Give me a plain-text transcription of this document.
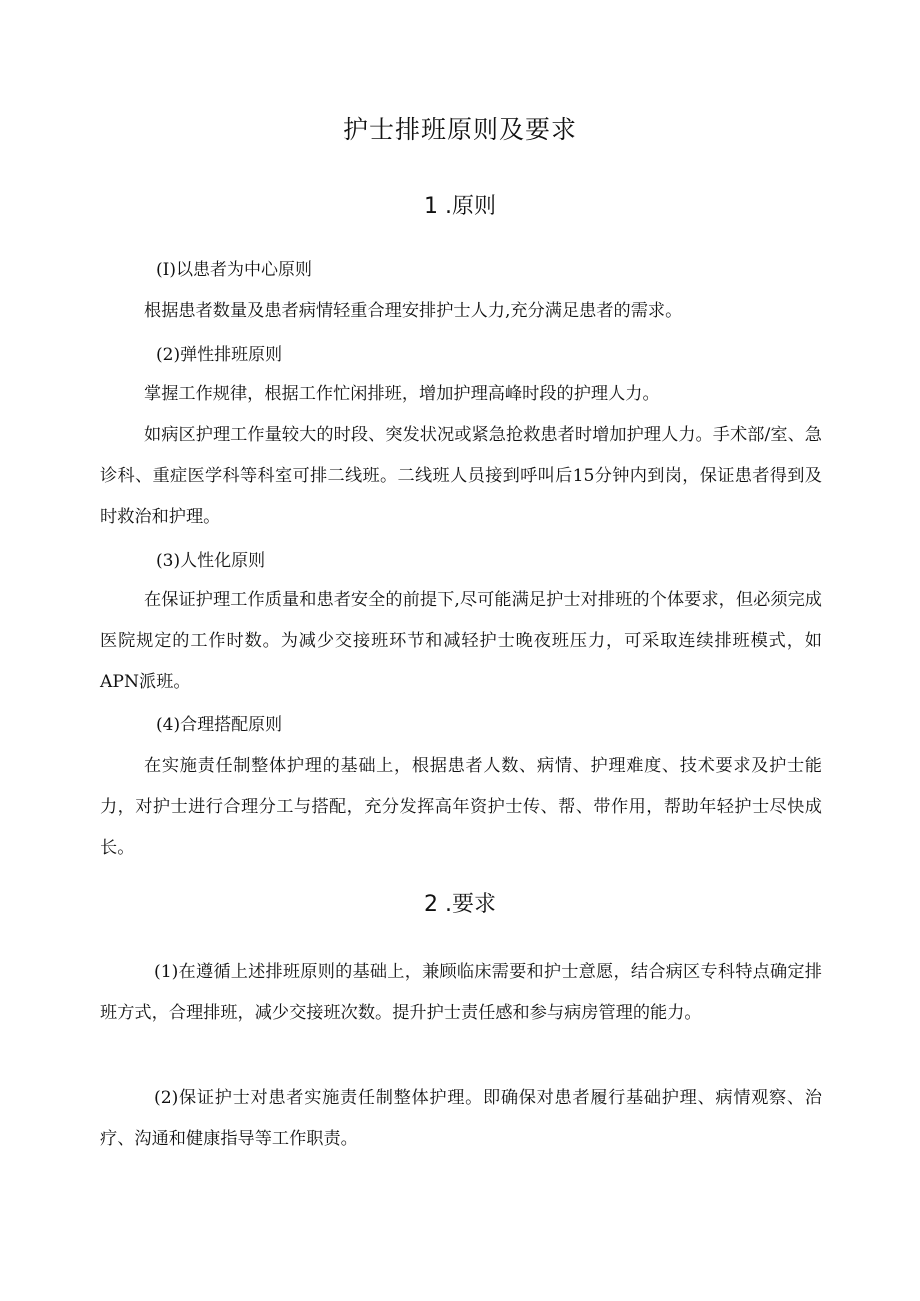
护士排班原则及要求
1 .原则
(I)以患者为中心原则

根据患者数量及患者病情轻重合理安排护士人力,充分满足患者的需求。

(2)弹性排班原则

掌握工作规律，根据工作忙闲排班，增加护理高峰时段的护理人力。

如病区护理工作量较大的时段、突发状况或紧急抢救患者时增加护理人力。手术部/室、急诊科、重症医学科等科室可排二线班。二线班人员接到呼叫后15分钟内到岗，保证患者得到及时救治和护理。

(3)人性化原则

在保证护理工作质量和患者安全的前提下,尽可能满足护士对排班的个体要求，但必须完成医院规定的工作时数。为减少交接班环节和减轻护士晚夜班压力，可采取连续排班模式，如APN派班。

(4)合理搭配原则

在实施责任制整体护理的基础上，根据患者人数、病情、护理难度、技术要求及护士能力，对护士进行合理分工与搭配，充分发挥高年资护士传、帮、带作用，帮助年轻护士尽快成长。

2 .要求

(1)在遵循上述排班原则的基础上，兼顾临床需要和护士意愿，结合病区专科特点确定排班方式，合理排班，减少交接班次数。提升护士责任感和参与病房管理的能力。

(2)保证护士对患者实施责任制整体护理。即确保对患者履行基础护理、病情观察、治疗、沟通和健康指导等工作职责。
